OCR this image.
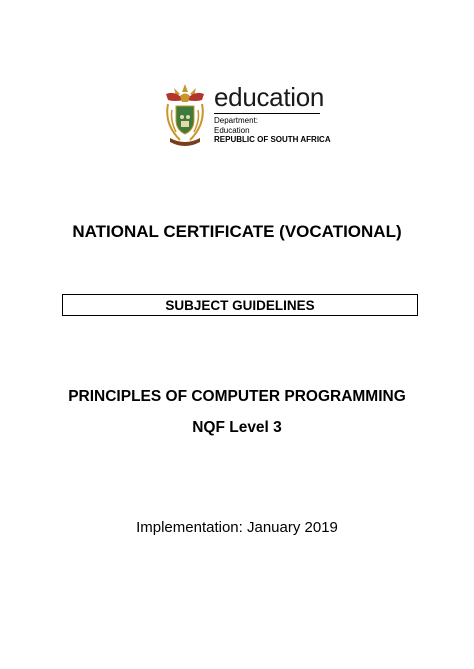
education
Department:
Education
REPUBLIC OF SOUTH AFRICA
NATIONAL CERTIFICATE (VOCATIONAL)
SUBJECT GUIDELINES
PRINCIPLES OF COMPUTER PROGRAMMING
NQF Level 3
Implementation: January 2019
